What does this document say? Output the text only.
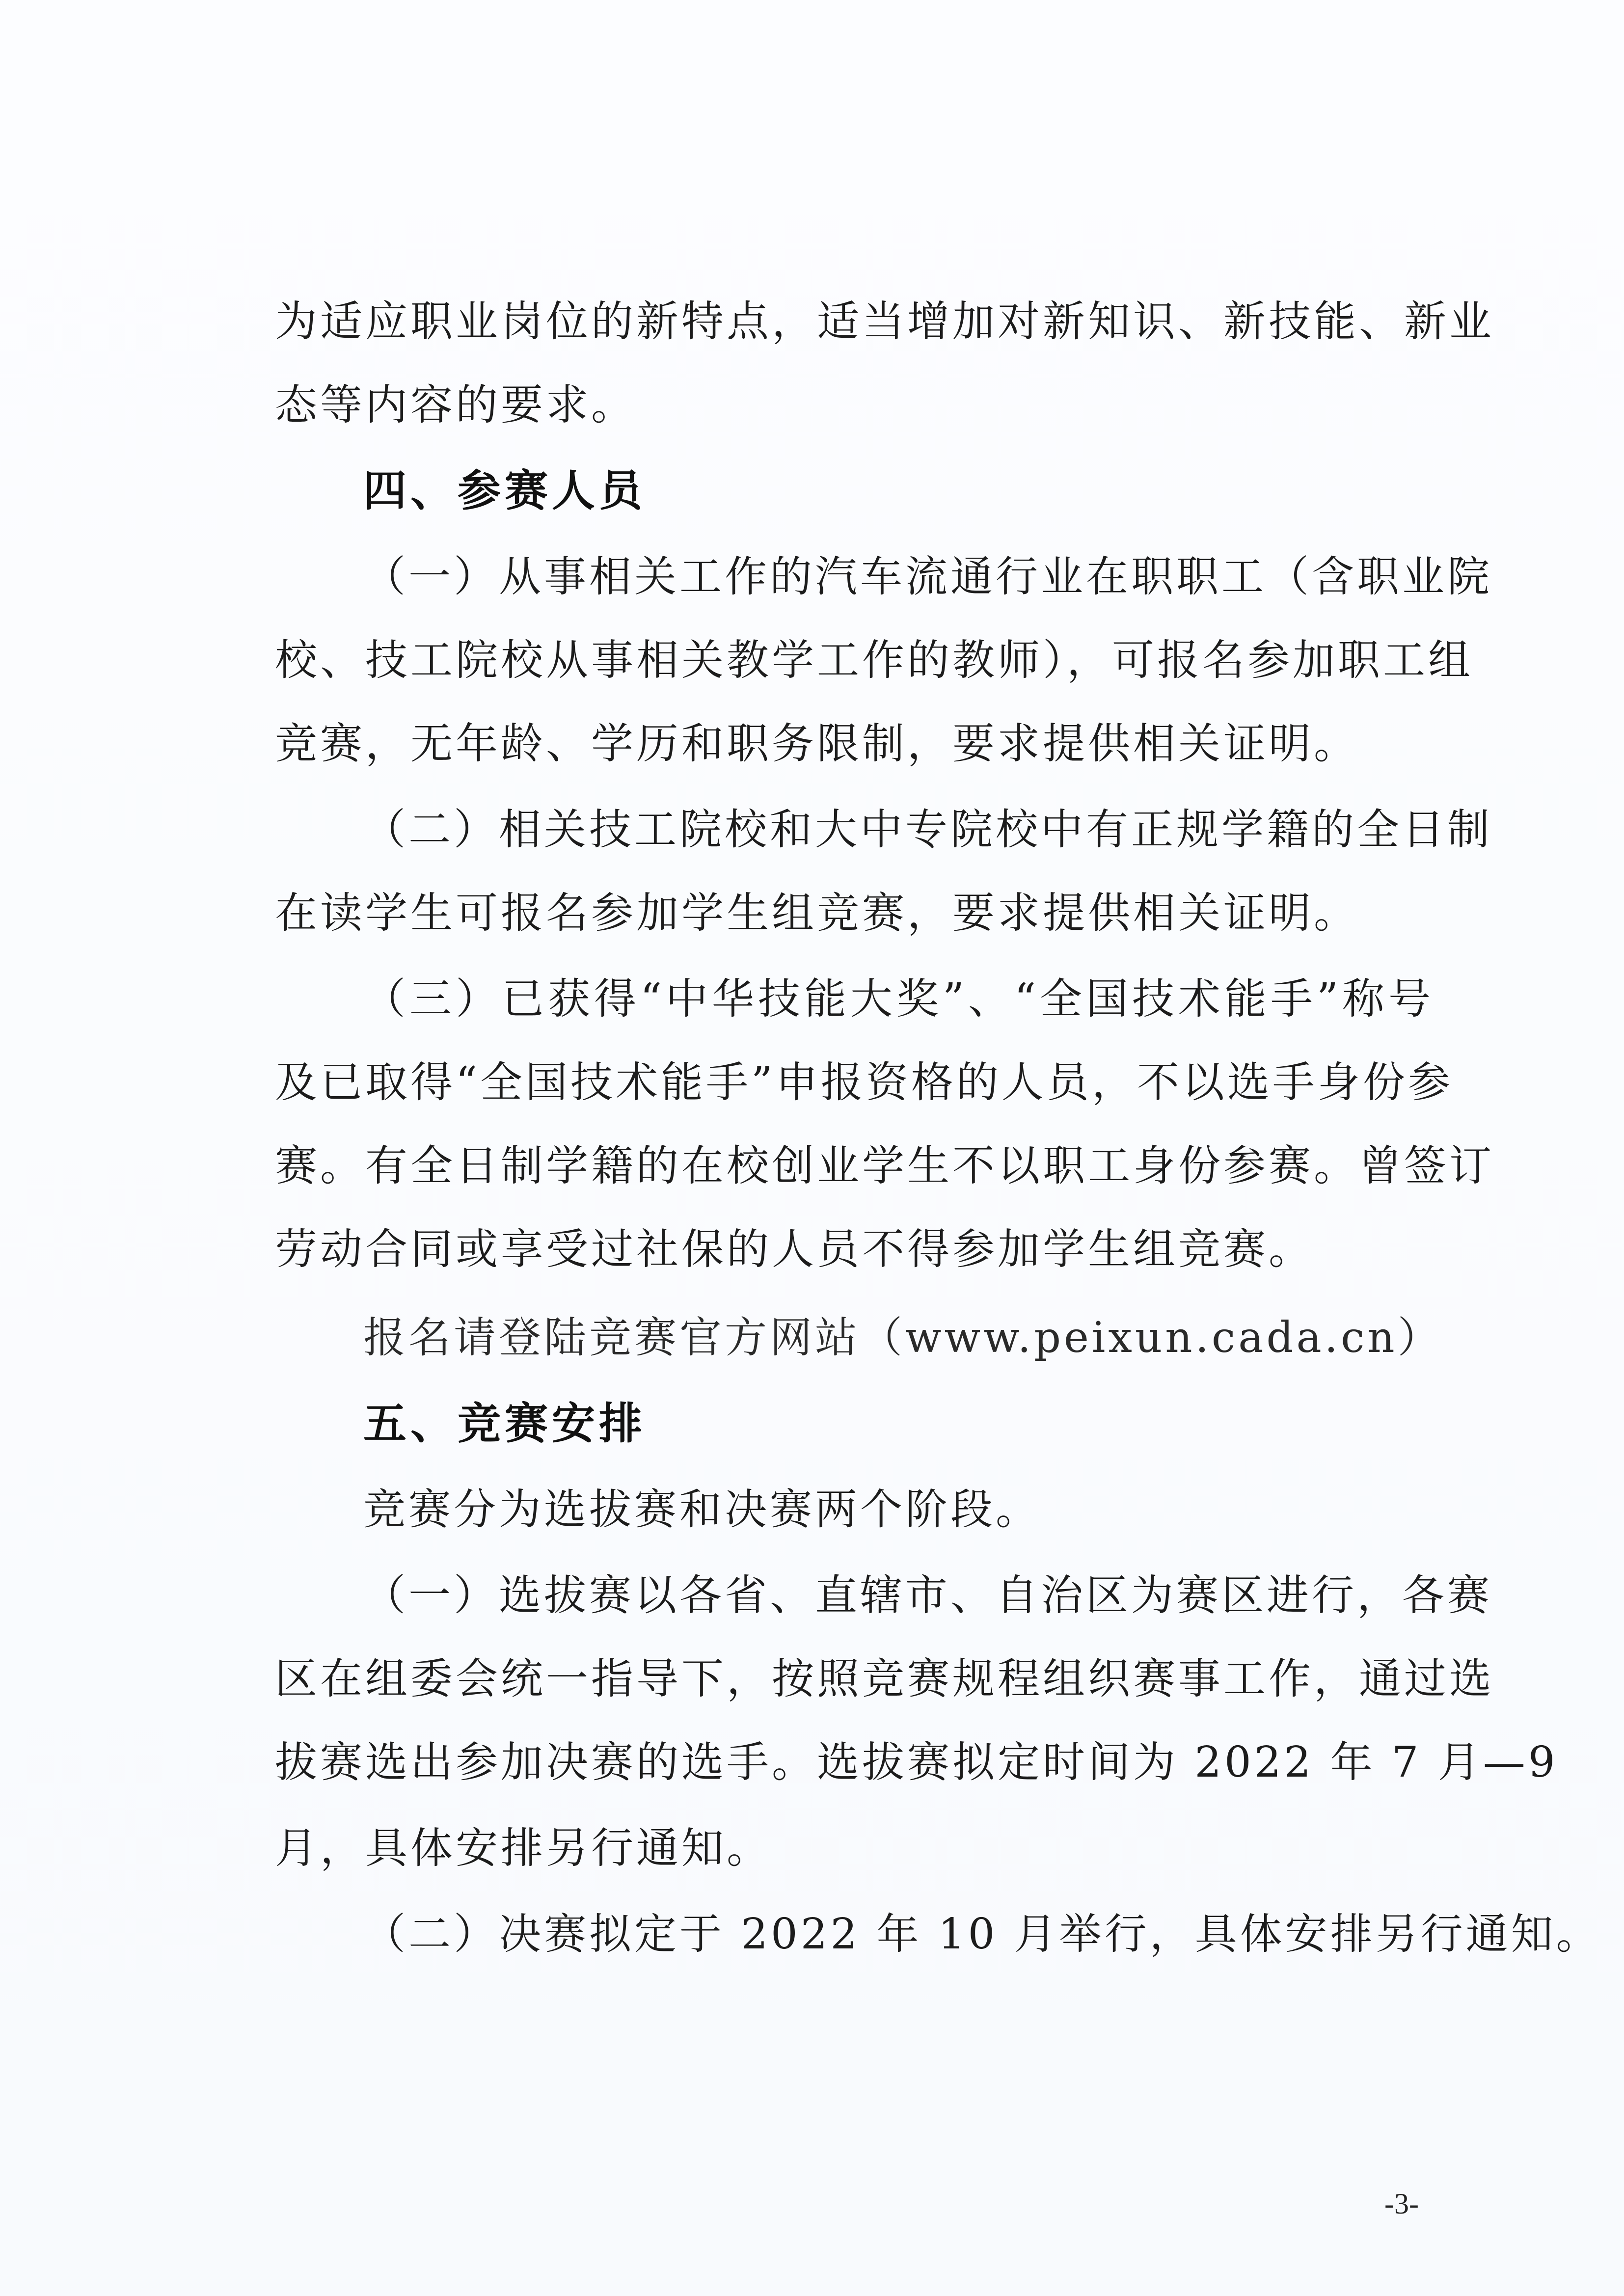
为适应职业岗位的新特点，适当增加对新知识、新技能、新业
态等内容的要求。
四、参赛人员
（一）从事相关工作的汽车流通行业在职职工（含职业院
校、技工院校从事相关教学工作的教师），可报名参加职工组
竞赛，无年龄、学历和职务限制，要求提供相关证明。
（二）相关技工院校和大中专院校中有正规学籍的全日制
在读学生可报名参加学生组竞赛，要求提供相关证明。
（三）已获得“中华技能大奖”、“全国技术能手”称号
及已取得“全国技术能手”申报资格的人员，不以选手身份参
赛。有全日制学籍的在校创业学生不以职工身份参赛。曾签订
劳动合同或享受过社保的人员不得参加学生组竞赛。
报名请登陆竞赛官方网站（www.peixun.cada.cn）
五、竞赛安排
竞赛分为选拔赛和决赛两个阶段。
（一）选拔赛以各省、直辖市、自治区为赛区进行，各赛
区在组委会统一指导下，按照竞赛规程组织赛事工作，通过选
拔赛选出参加决赛的选手。选拔赛拟定时间为 2022 年 7 月—9
月，具体安排另行通知。
（二）决赛拟定于 2022 年 10 月举行，具体安排另行通知。
-3-
